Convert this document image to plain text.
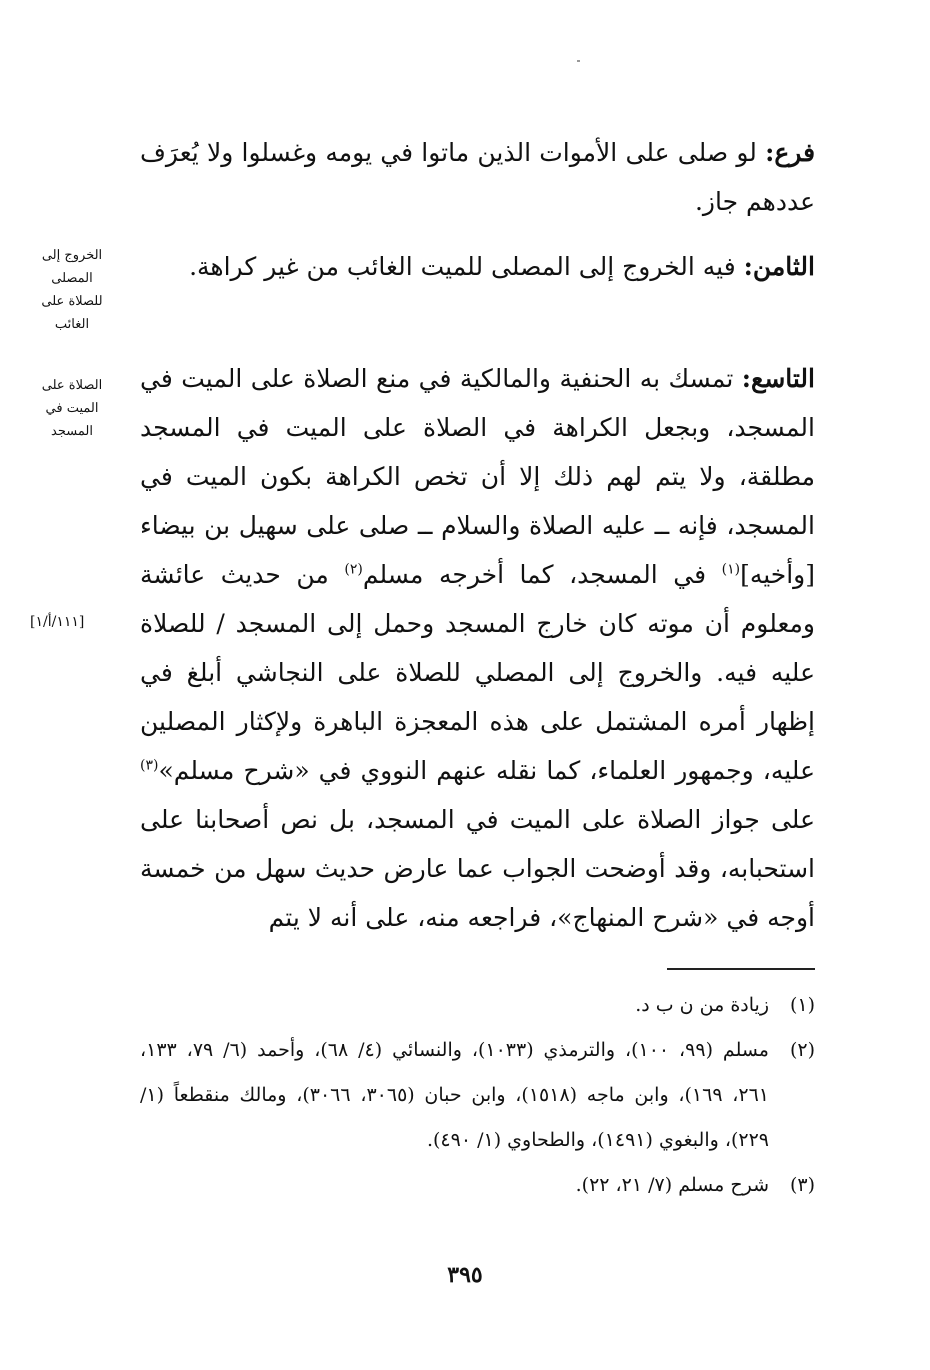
فرع: لو صلى على الأموات الذين ماتوا في يومه وغسلوا ولا يُعرَف عددهم جاز.

الثامن: فيه الخروج إلى المصلى للميت الغائب من غير كراهة.

التاسع: تمسك به الحنفية والمالكية في منع الصلاة على الميت في المسجد، وبجعل الكراهة في الصلاة على الميت في المسجد مطلقة، ولا يتم لهم ذلك إلا أن تخص الكراهة بكون الميت في المسجد، فإنه ــ عليه الصلاة والسلام ــ صلى على سهيل بن بيضاء [وأخيه]$^{(١)}$ في المسجد، كما أخرجه مسلم$^{(٢)}$ من حديث عائشة ومعلوم أن موته كان خارج المسجد وحمل إلى المسجد / للصلاة عليه فيه. والخروج إلى المصلي للصلاة على النجاشي أبلغ في إظهار أمره المشتمل على هذه المعجزة الباهرة ولإكثار المصلين عليه، وجمهور العلماء، كما نقله عنهم النووي في «شرح مسلم»$^{(٣)}$ على جواز الصلاة على الميت في المسجد، بل نص أصحابنا على استحبابه، وقد أوضحت الجواب عما عارض حديث سهل من خمسة أوجه في «شرح المنهاج»، فراجعه منه، على أنه لا يتم

الخروج إلى
المصلى
للصلاة على
الغائب
الصلاة على
الميت في
المسجد
[١١١/أ/١]
(١)
زيادة من ن ب د.
(٢)
مسلم (٩٩، ١٠٠)، والترمذي (١٠٣٣)، والنسائي (٤/ ٦٨)، وأحمد (٦/ ٧٩، ١٣٣، ٢٦١، ١٦٩)، وابن ماجه (١٥١٨)، وابن حبان (٣٠٦٥، ٣٠٦٦)، ومالك منقطعاً (١/ ٢٢٩)، والبغوي (١٤٩١)، والطحاوي (١/ ٤٩٠).
(٣)
شرح مسلم (٧/ ٢١، ٢٢).
٣٩٥
